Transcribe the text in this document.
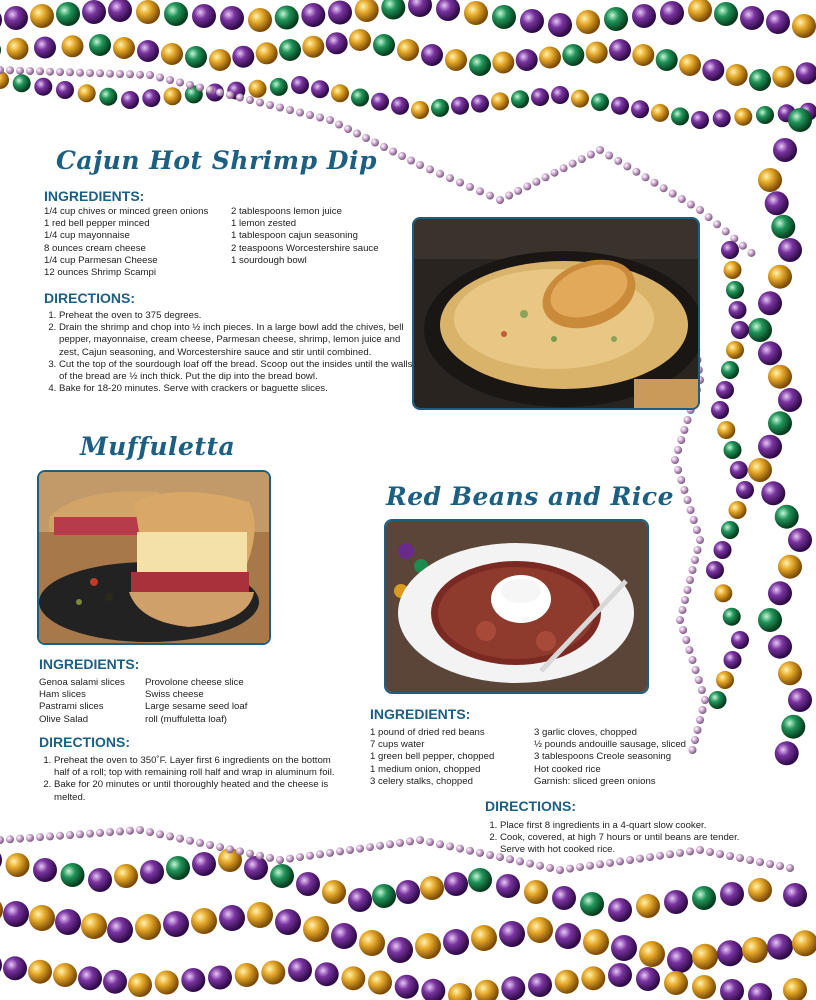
Cajun Hot Shrimp Dip
INGREDIENTS:
1/4 cup chives or minced green onions
1 red bell pepper minced
1/4 cup mayonnaise
8 ounces cream cheese
1/4 cup Parmesan Cheese
12 ounces Shrimp Scampi
2 tablespoons lemon juice
1 lemon zested
1 tablespoon cajun seasoning
2 teaspoons Worcestershire sauce
1 sourdough bowl
DIRECTIONS:
1. Preheat the oven to 375 degrees.
2. Drain the shrimp and chop into ½ inch pieces. In a large bowl add the chives, bell pepper, mayonnaise, cream cheese, Parmesan cheese, shrimp, lemon juice and zest, Cajun seasoning, and Worcestershire sauce and stir until combined.
3. Cut the top of the sourdough loaf off the bread. Scoop out the insides until the walls of the bread are ½ inch thick. Put the dip into the bread bowl.
4. Bake for 18-20 minutes. Serve with crackers or baguette slices.
Muffuletta
INGREDIENTS:
Genoa salami slices
Ham slices
Pastrami slices
Olive Salad
Provolone cheese slice
Swiss cheese
Large sesame seed loaf
roll (muffuletta loaf)
DIRECTIONS:
1. Preheat the oven to 350˚F. Layer first 6 ingredients on the bottom half of a roll; top with remaining roll half and wrap in aluminum foil.
2. Bake for 20 minutes or until thoroughly heated and the cheese is melted.
Red Beans and Rice
INGREDIENTS:
1 pound of dried red beans
7 cups water
1 green bell pepper, chopped
1 medium onion, chopped
3 celery stalks, chopped
3 garlic cloves, chopped
½ pounds andouille sausage, sliced
3 tablespoons Creole seasoning
Hot cooked rice
Garnish: sliced green onions
DIRECTIONS:
1. Place first 8 ingredients in a 4-quart slow cooker.
2. Cook, covered, at high 7 hours or until beans are tender. Serve with hot cooked rice.
